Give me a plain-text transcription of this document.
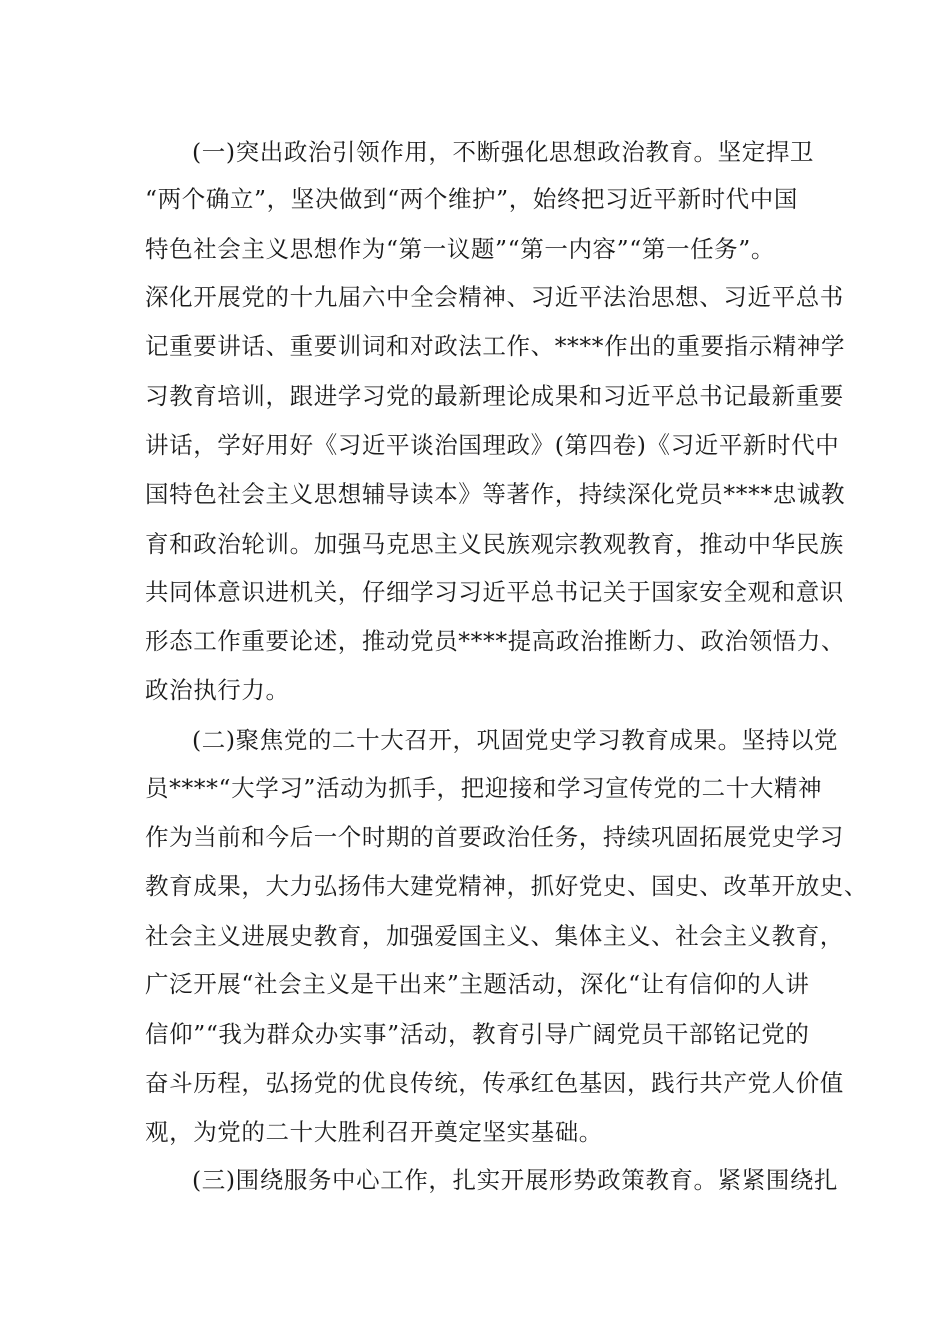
(一)突出政治引领作用，不断强化思想政治教育。坚定捍卫
“两个确立”，坚决做到“两个维护”，始终把习近平新时代中国
特色社会主义思想作为“第一议题”“第一内容”“第一任务”。
深化开展党的十九届六中全会精神、习近平法治思想、习近平总书
记重要讲话、重要训词和对政法工作、****作出的重要指示精神学
习教育培训，跟进学习党的最新理论成果和习近平总书记最新重要
讲话，学好用好《习近平谈治国理政》(第四卷)《习近平新时代中
国特色社会主义思想辅导读本》等著作，持续深化党员****忠诚教
育和政治轮训。加强马克思主义民族观宗教观教育，推动中华民族
共同体意识进机关，仔细学习习近平总书记关于国家安全观和意识
形态工作重要论述，推动党员****提高政治推断力、政治领悟力、
政治执行力。
(二)聚焦党的二十大召开，巩固党史学习教育成果。坚持以党
员****“大学习”活动为抓手，把迎接和学习宣传党的二十大精神
作为当前和今后一个时期的首要政治任务，持续巩固拓展党史学习
教育成果，大力弘扬伟大建党精神，抓好党史、国史、改革开放史、
社会主义进展史教育，加强爱国主义、集体主义、社会主义教育，
广泛开展“社会主义是干出来”主题活动，深化“让有信仰的人讲
信仰”“我为群众办实事”活动，教育引导广阔党员干部铭记党的
奋斗历程，弘扬党的优良传统，传承红色基因，践行共产党人价值
观，为党的二十大胜利召开奠定坚实基础。
(三)围绕服务中心工作，扎实开展形势政策教育。紧紧围绕扎
